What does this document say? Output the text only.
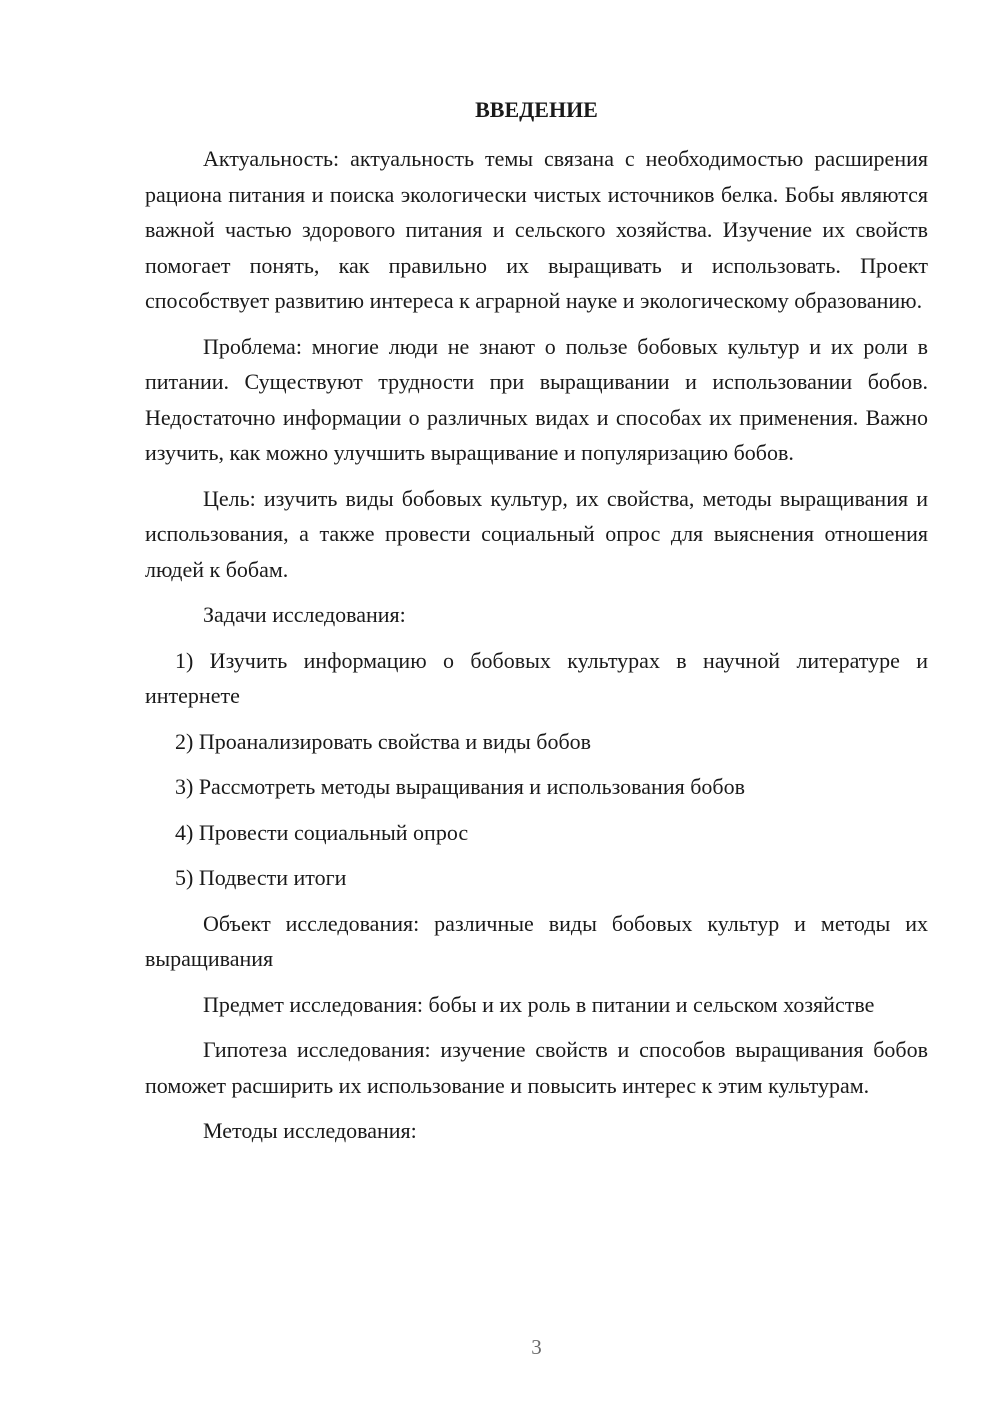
ВВЕДЕНИЕ

Актуальность: актуальность темы связана с необходимостью расширения рациона питания и поиска экологически чистых источников белка. Бобы являются важной частью здорового питания и сельского хозяйства. Изучение их свойств помогает понять, как правильно их выращивать и использовать. Проект способствует развитию интереса к аграрной науке и экологическому образованию.

Проблема: многие люди не знают о пользе бобовых культур и их роли в питании. Существуют трудности при выращивании и использовании бобов. Недостаточно информации о различных видах и способах их применения. Важно изучить, как можно улучшить выращивание и популяризацию бобов.

Цель: изучить виды бобовых культур, их свойства, методы выращивания и использования, а также провести социальный опрос для выяснения отношения людей к бобам.

Задачи исследования:

1) Изучить информацию о бобовых культурах в научной литературе и интернете

2) Проанализировать свойства и виды бобов

3) Рассмотреть методы выращивания и использования бобов

4) Провести социальный опрос

5) Подвести итоги

Объект исследования: различные виды бобовых культур и методы их выращивания

Предмет исследования: бобы и их роль в питании и сельском хозяйстве

Гипотеза исследования: изучение свойств и способов выращивания бобов поможет расширить их использование и повысить интерес к этим культурам.

Методы исследования:

3
